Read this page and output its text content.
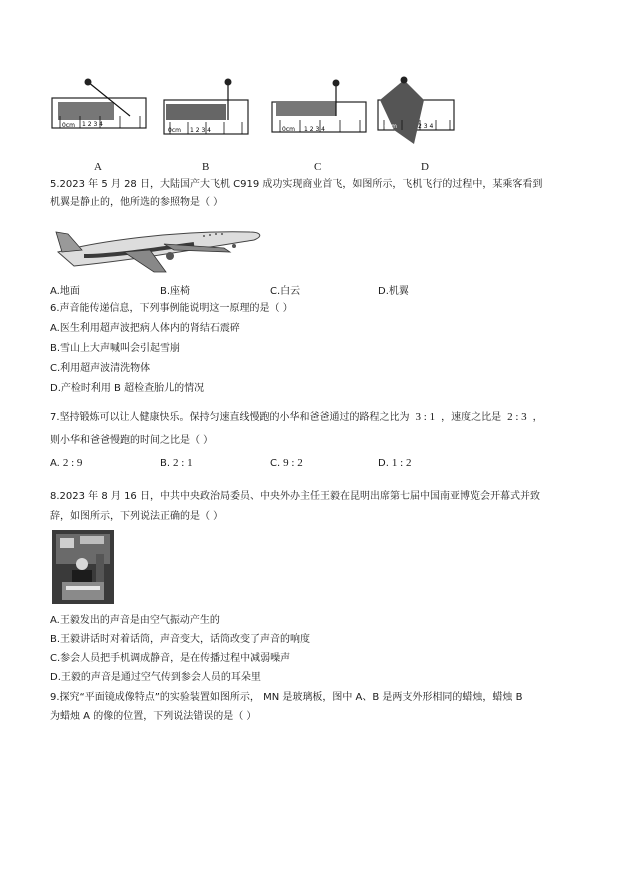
0cm 1 2 3 4
0cm 1 2 3 4	0cm 1 2 3 4	0cm	2 3 4
A	B	C	D
5.2023 年 5 月 28 日，大陆国产大飞机 C919 成功实现商业首飞，如图所示，飞机飞行的过程中，某乘客看到
机翼是静止的，他所选的参照物是（ ）
A.地面	B.座椅	C.白云	D.机翼
6.声音能传递信息，下列事例能说明这一原理的是（ ）
A.医生利用超声波把病人体内的肾结石震碎
B.雪山上大声喊叫会引起雪崩
C.利用超声波清洗物体
D.产检时利用 B 超检查胎儿的情况
7.坚持锻炼可以让人健康快乐。保持匀速直线慢跑的小华和爸爸通过的路程之比为 3 : 1 ，速度之比是 2 : 3 ，
则小华和爸爸慢跑的时间之比是（ ）
A. 2 : 9	B. 2 : 1	C. 9 : 2	D. 1 : 2
8.2023 年 8 月 16 日，中共中央政治局委员、中央外办主任王毅在昆明出席第七届中国南亚博览会开幕式并致
辞，如图所示，下列说法正确的是（ ）
A.王毅发出的声音是由空气振动产生的
B.王毅讲话时对着话筒，声音变大，话筒改变了声音的响度
C.参会人员把手机调成静音，是在传播过程中减弱噪声
D.王毅的声音是通过空气传到参会人员的耳朵里
9.探究“平面镜成像特点”的实验装置如图所示， MN 是玻璃板，图中 A、B 是两支外形相同的蜡烛，蜡烛 B
为蜡烛 A 的像的位置，下列说法错误的是（ ）
